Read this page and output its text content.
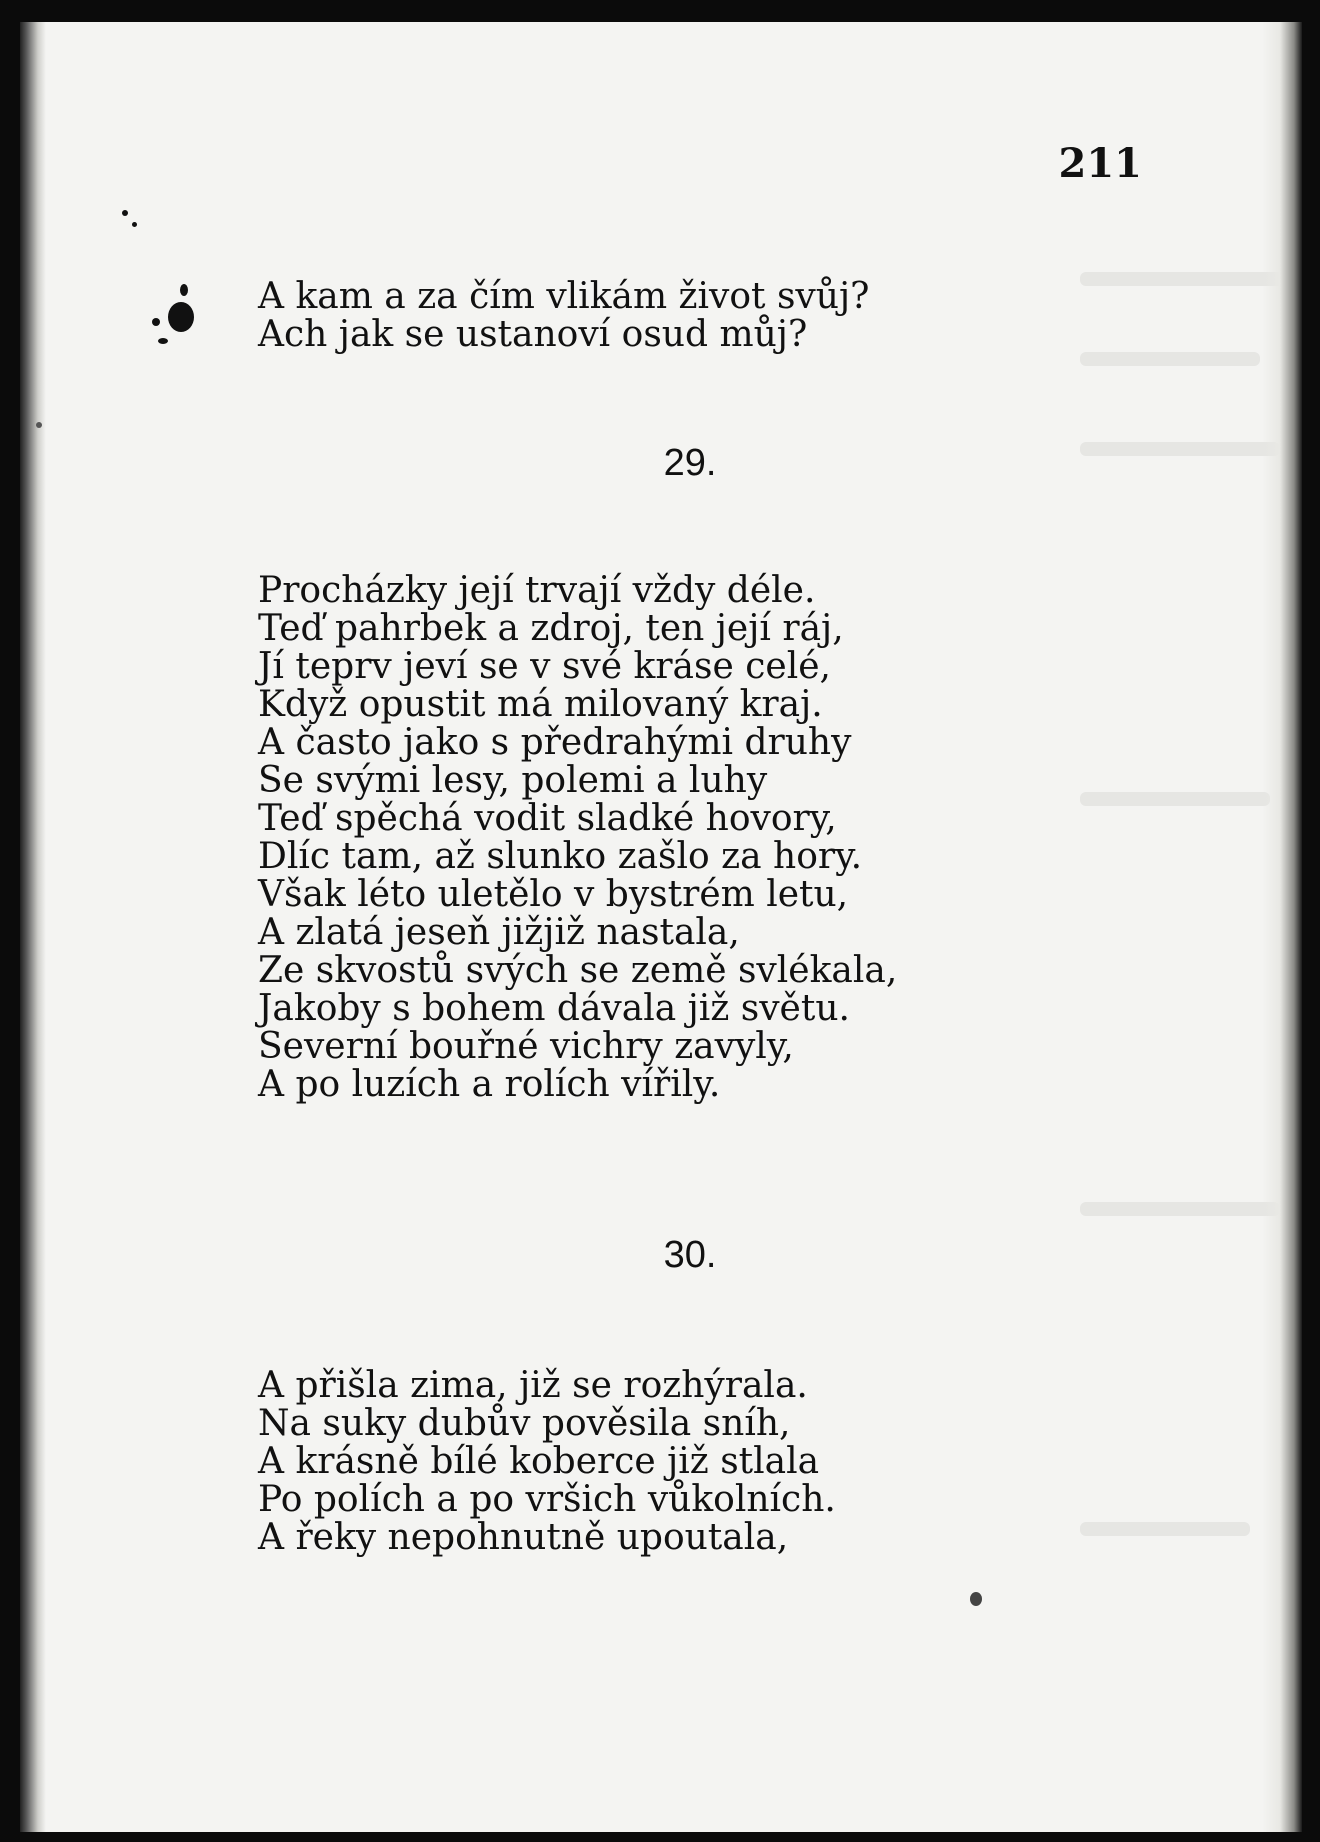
211
A kam a za čím vlikám život svůj?
Ach jak se ustanoví osud můj?
29.
Procházky její trvají vždy déle.
Teď pahrbek a zdroj, ten její ráj,
Jí teprv jeví se v své kráse celé,
Když opustit má milovaný kraj.
A často jako s předrahými druhy
Se svými lesy, polemi a luhy
Teď spěchá vodit sladké hovory,
Dlíc tam, až slunko zašlo za hory.
Však léto uletělo v bystrém letu,
A zlatá jeseň jižjiž nastala,
Ze skvostů svých se země svlékala,
Jakoby s bohem dávala již světu.
Severní bouřné vichry zavyly,
A po luzích a rolích vířily.
30.
A přišla zima, již se rozhýrala.
Na suky dubův pověsila sníh,
A krásně bílé koberce již stlala
Po polích a po vršich vůkolních.
A řeky nepohnutně upoutala,
